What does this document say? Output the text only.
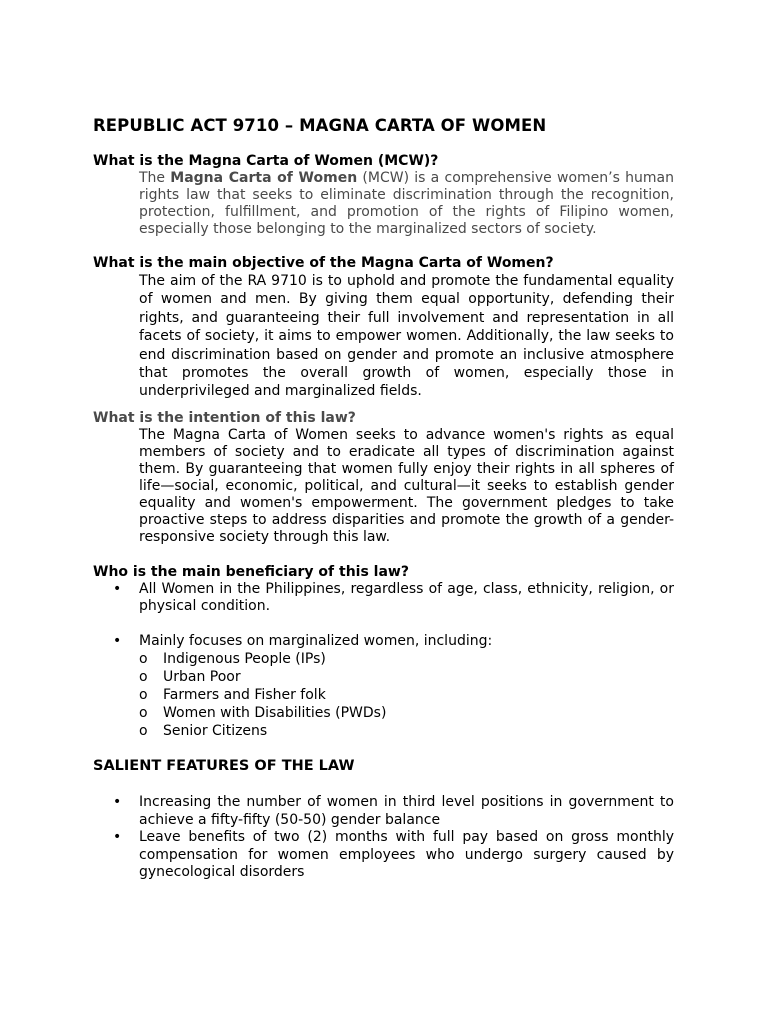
REPUBLIC ACT 9710 – MAGNA CARTA OF WOMEN

What is the Magna Carta of Women (MCW)?

The Magna Carta of Women (MCW) is a comprehensive women’s human rights law that seeks to eliminate discrimination through the recognition, protection, fulfillment, and promotion of the rights of Filipino women, especially those belonging to the marginalized sectors of society.

What is the main objective of the Magna Carta of Women?

The aim of the RA 9710 is to uphold and promote the fundamental equality of women and men. By giving them equal opportunity, defending their rights, and guaranteeing their full involvement and representation in all facets of society, it aims to empower women. Additionally, the law seeks to end discrimination based on gender and promote an inclusive atmosphere that promotes the overall growth of women, especially those in underprivileged and marginalized fields.

What is the intention of this law?

The Magna Carta of Women seeks to advance women's rights as equal members of society and to eradicate all types of discrimination against them. By guaranteeing that women fully enjoy their rights in all spheres of life—social, economic, political, and cultural—it seeks to establish gender equality and women's empowerment. The government pledges to take proactive steps to address disparities and promote the growth of a gender-responsive society through this law.

Who is the main beneficiary of this law?

• All Women in the Philippines, regardless of age, class, ethnicity, religion, or physical condition.
• Mainly focuses on marginalized women, including:
o Indigenous People (IPs)
o Urban Poor
o Farmers and Fisher folk
o Women with Disabilities (PWDs)
o Senior Citizens
SALIENT FEATURES OF THE LAW
• Increasing the number of women in third level positions in government to achieve a fifty-fifty (50-50) gender balance
• Leave benefits of two (2) months with full pay based on gross monthly compensation for women employees who undergo surgery caused by gynecological disorders
